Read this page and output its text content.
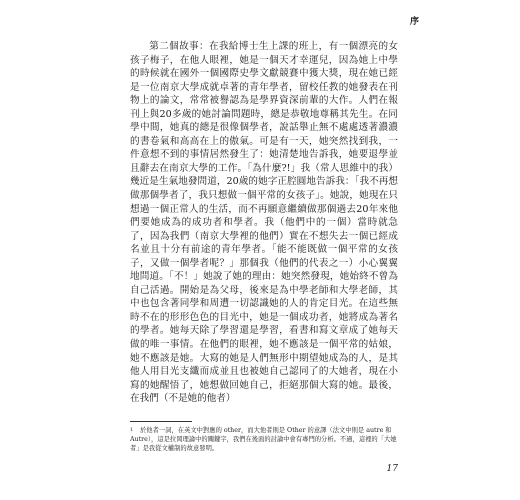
序

第二個故事：在我給博士生上課的班上，有一個漂亮的女孩子梅子，在他人眼裡，她是一個天才幸運兒，因為她上中學的時候就在國外一個國際史學文獻競賽中獲大獎，現在她已經是一位南京大學成就卓著的青年學者，留校任教的她發表在刊物上的論文，常常被譽認為是學界資深前輩的大作。人們在報刊上與20多歲的她討論問題時，總是恭敬地尊稱其先生。在同學中間，她真的總是很像個學者，說話舉止無不處處透著濃濃的書卷氣和高高在上的傲氣。可是有一天，她突然找到我，一件意想不到的事情居然發生了：她清楚地告訴我，她要退學並且辭去在南京大學的工作。「為什麼?!」我（常人思維中的我）幾近是生氣地發問道，20歲的她字正腔圓地告訴我：「我不再想做那個學者了，我只想做一個平常的女孩子」。她說，她現在只想過一個正常人的生活，而不再願意繼續做那個過去20年來他們要她成為的成功者和學者。我（他們中的一個）當時就急了，因為我們（南京大學裡的他們）實在不想失去一個已經成名並且十分有前途的青年學者。「能不能既做一個平常的女孩子，又做一個學者呢？」那個我（他們的代表之一）小心翼翼地問道。「不！」她說了她的理由：她突然發現，她始終不曾為自己活過。開始是為父母，後來是為中學老師和大學老師，其中也包含著同學和周遭一切認識她的人的肯定目光。在這些無時不在的形形色色的目光中，她是一個成功者，她將成為著名的學者。她每天除了學習還是學習，看書和寫文章成了她每天做的唯一事情。在他們的眼裡，她不應該是一個平常的姑娘，她不應該是她。大寫的她是人們無形中期望她成為的人，是其他人用目光支纖而成並且也被她自己認同了的大她者，現在小寫的她醒悟了，她想做回她自己，拒絕那個大寫的她。最後，在我們（不是她的他者）

1 於他者一詞，在英文中對應的 other，而大他者則是 Other 的意譯（法文中則是 autre 和 Autre），這是拉岡理論中的關鍵字，我們在後面的討論中會有專門的分析。不過，這裡的「大她者」是我從文權制的故意發明。

17
